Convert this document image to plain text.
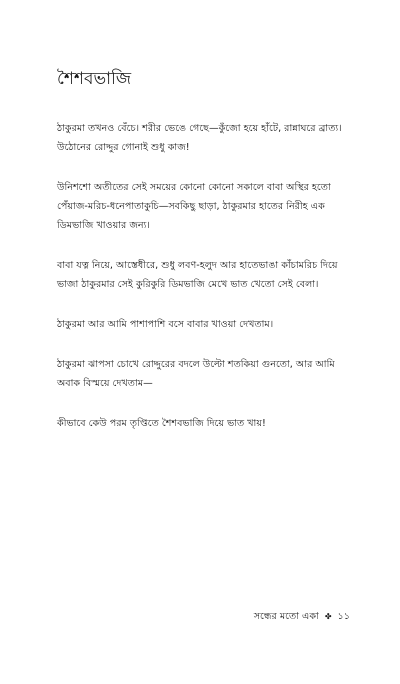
শৈশবভাজি

ঠাকুরমা তখনও বেঁচে। শরীর ভেঙে গেছে—কুঁজো হয়ে হাঁটে, রান্নাঘরে ব্রাত্য।
উঠোনের রোদ্দুর গোনাই শুধু কাজ!

উনিশশো অতীতের সেই সময়ের কোনো কোনো সকালে বাবা অস্থির হতো
পেঁয়াজ-মরিচ-ধনেপাতাকুচি—সবকিছু ছাড়া, ঠাকুরমার হাতের নিরীহ এক
ডিমভাজি খাওয়ার জন্য।

বাবা যত্ন নিয়ে, আস্তেধীরে, শুধু লবণ-হলুদ আর হাতেভাঙা কাঁচামরিচ দিয়ে
ভাজা ঠাকুরমার সেই কুরিকুরি ডিমভাজি মেখে ভাত খেতো সেই বেলা।

ঠাকুরমা আর আমি পাশাপাশি বসে বাবার খাওয়া দেখতাম।

ঠাকুরমা ঝাপসা চোখে রোদ্দুরের বদলে উল্টো শতকিয়া গুনতো, আর আমি
অবাক বিস্ময়ে দেখতাম—

কীভাবে কেউ পরম তৃপ্তিতে শৈশবভাজি দিয়ে ভাত খায়!

সন্ধের মতো একা ✤ ১১
